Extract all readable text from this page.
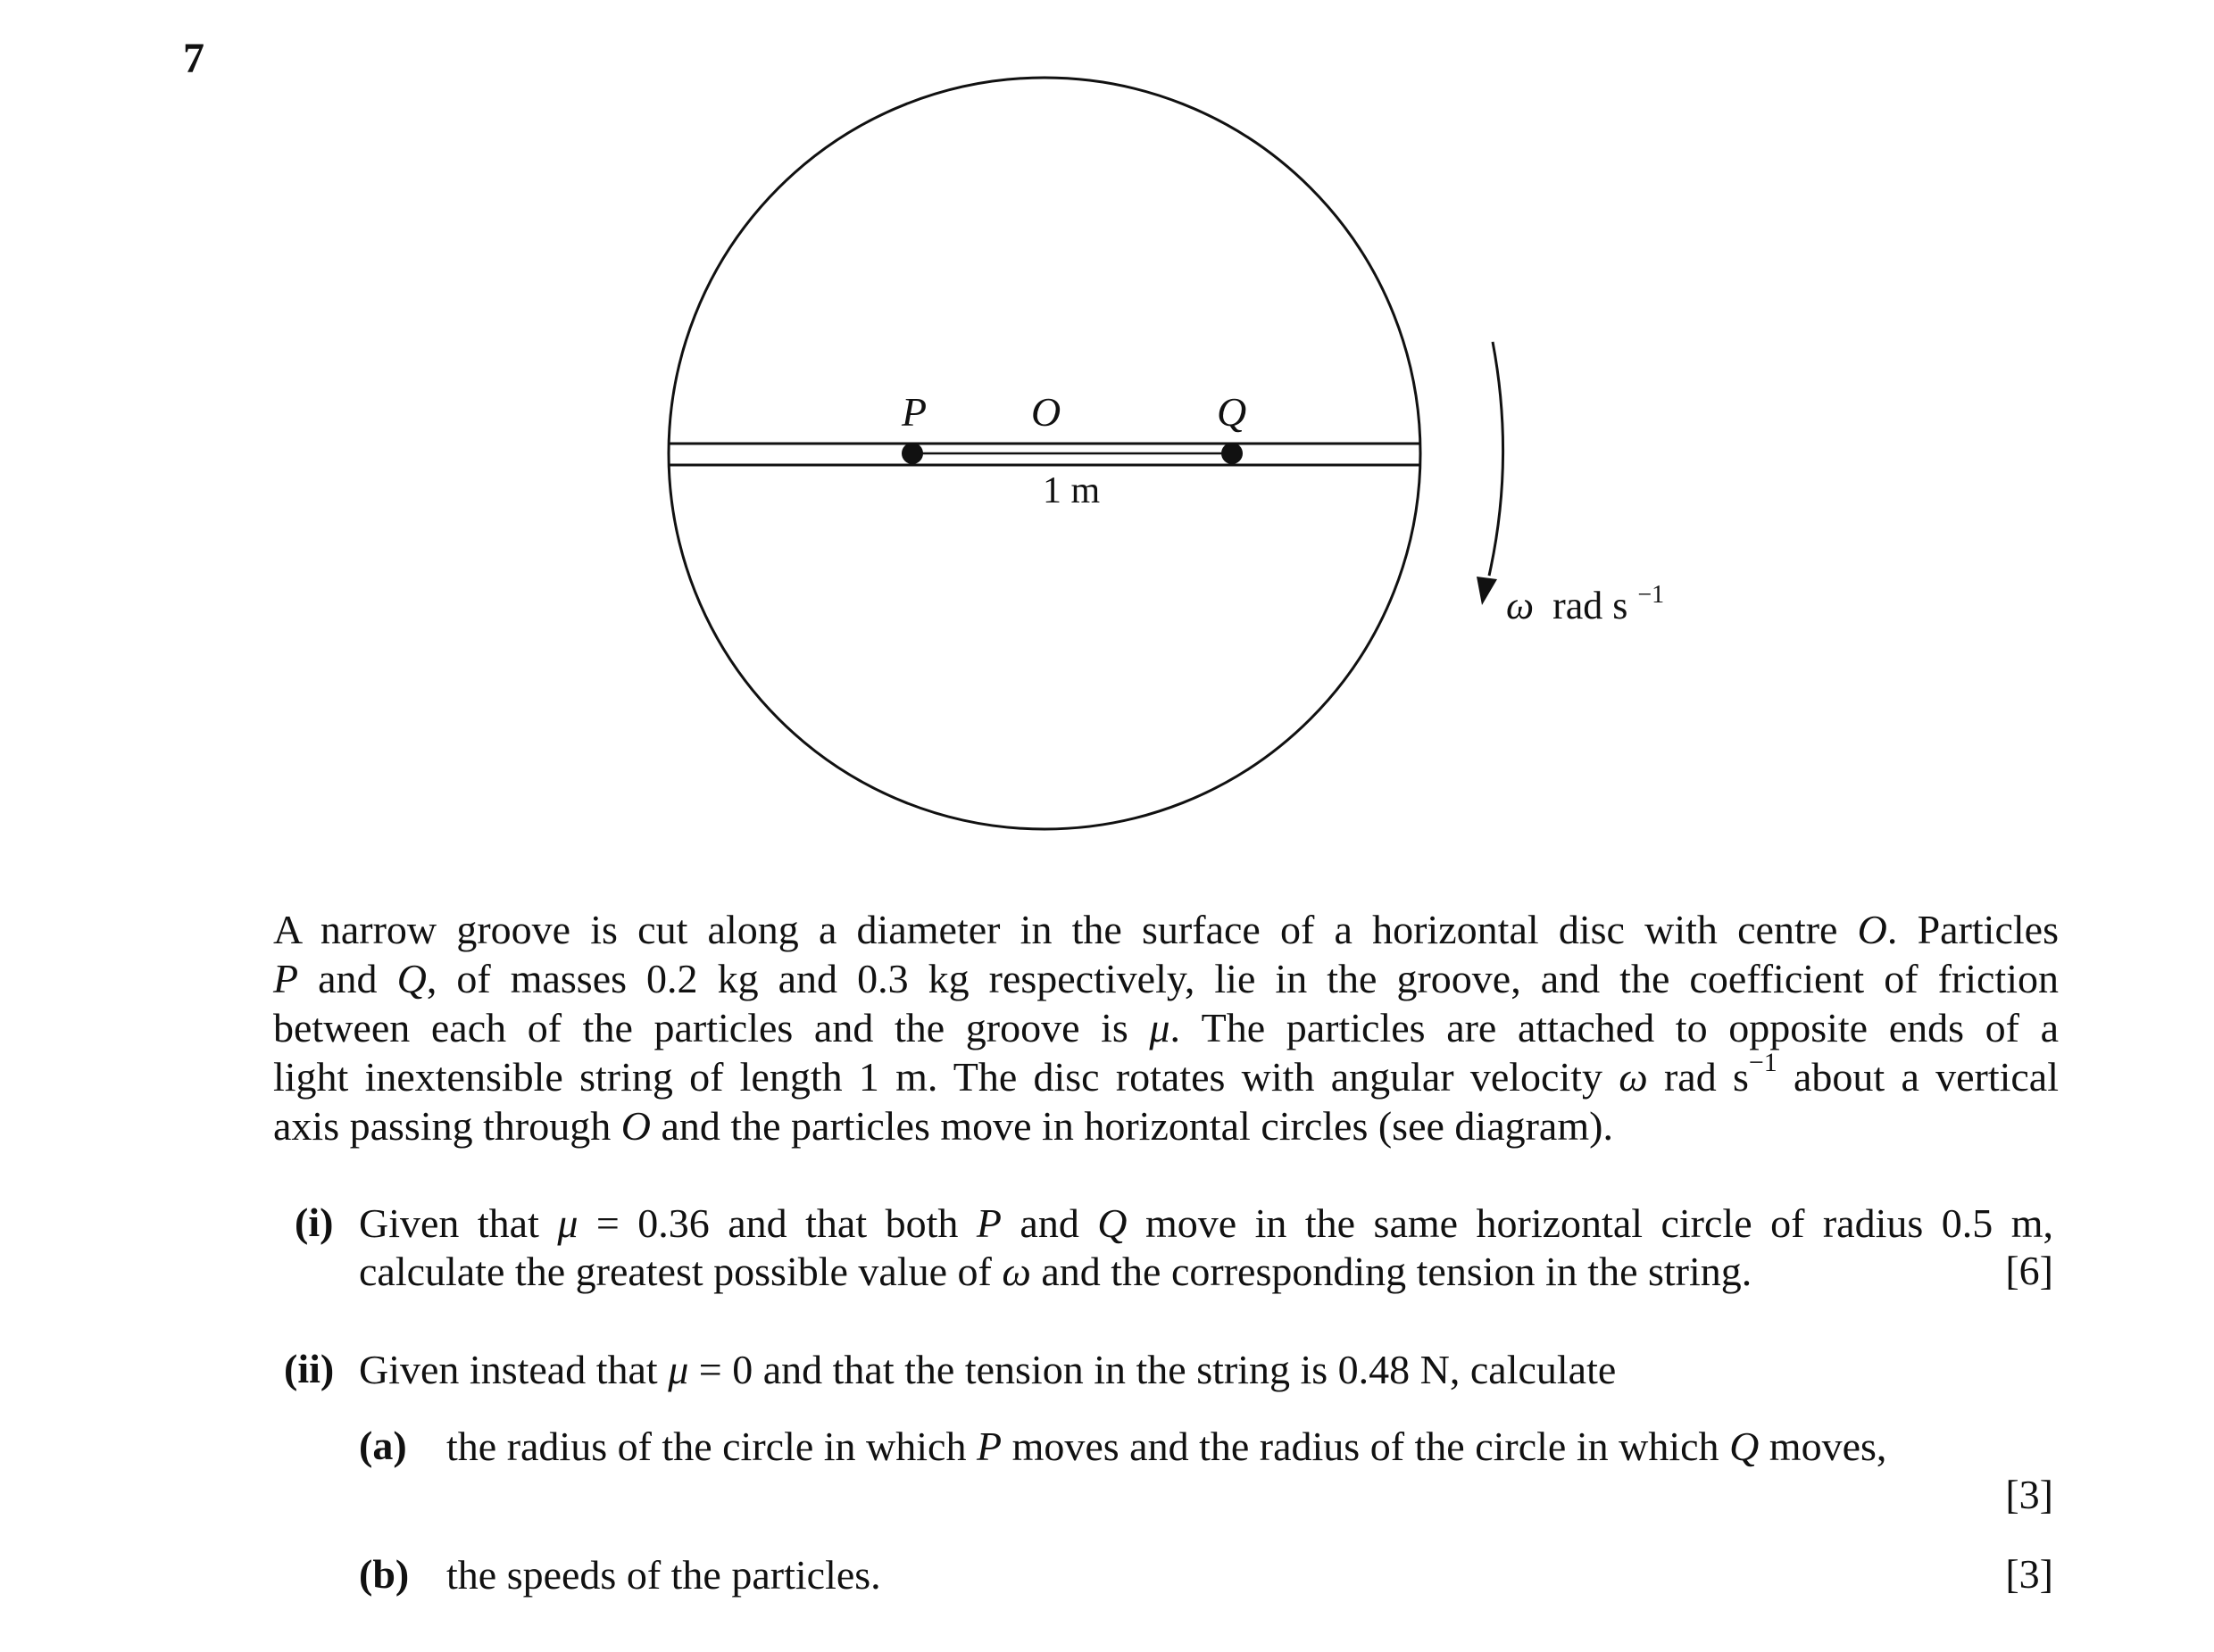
7
P	O	Q
1 m
ω rad s $^{-1}$
A narrow groove is cut along a diameter in the surface of a horizontal disc with centre O. Particles
P and Q, of masses 0.2 kg and 0.3 kg respectively, lie in the groove, and the coefficient of friction
between each of the particles and the groove is μ. The particles are attached to opposite ends of a
light inextensible string of length 1 m. The disc rotates with angular velocity ω rad $s^{-1}$ about a vertical
axis passing through O and the particles move in horizontal circles (see diagram).
(i) Given that μ = 0.36 and that both P and Q move in the same horizontal circle of radius 0.5 m,
calculate the greatest possible value of ω and the corresponding tension in the string.	[6]
(ii) Given instead that μ = 0 and that the tension in the string is 0.48 N, calculate
(a) the radius of the circle in which P moves and the radius of the circle in which Q moves,
[3]
(b) the speeds of the particles.	[3]
